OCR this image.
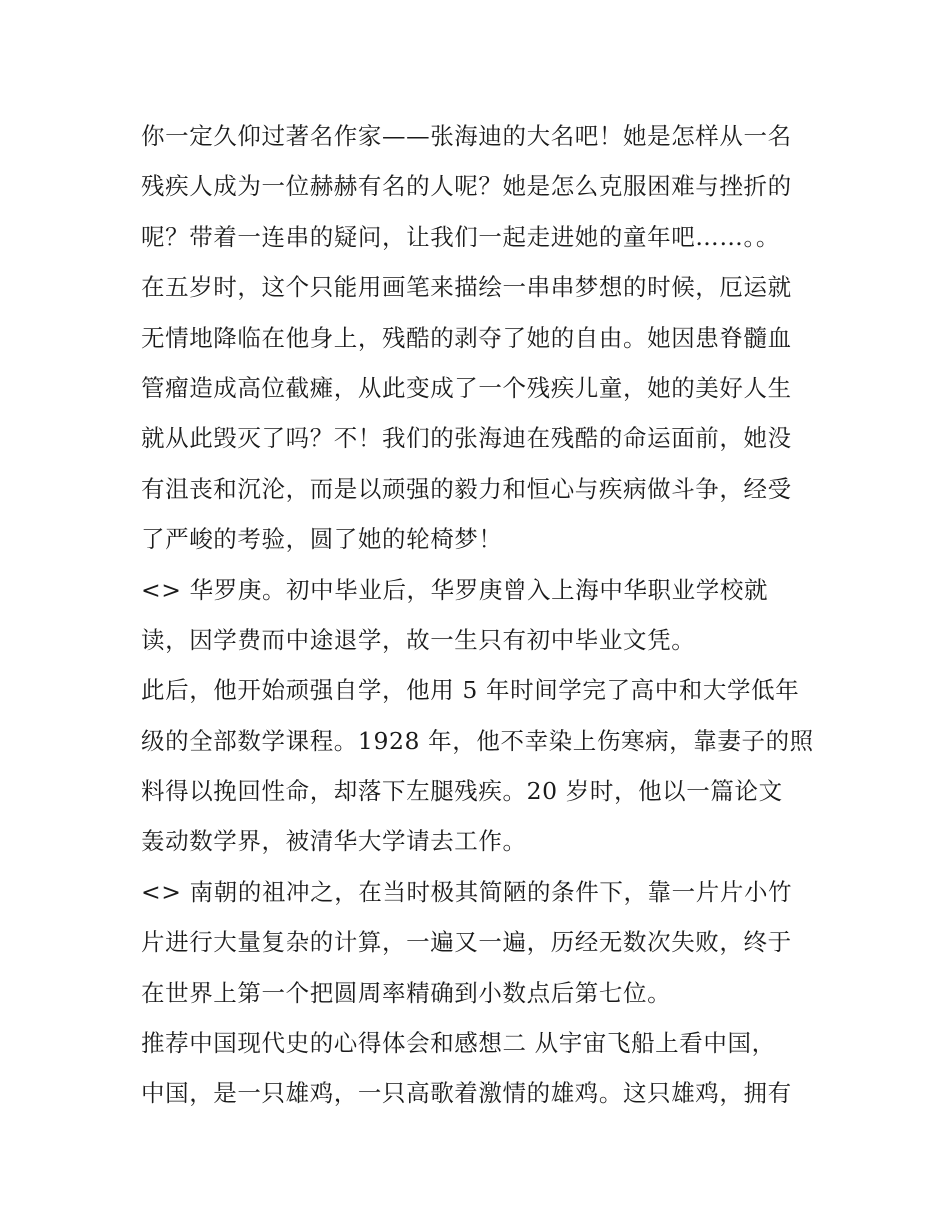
你一定久仰过著名作家——张海迪的大名吧！她是怎样从一名
残疾人成为一位赫赫有名的人呢？她是怎么克服困难与挫折的
呢？带着一连串的疑问，让我们一起走进她的童年吧……。。
在五岁时，这个只能用画笔来描绘一串串梦想的时候，厄运就
无情地降临在他身上，残酷的剥夺了她的自由。她因患脊髓血
管瘤造成高位截瘫，从此变成了一个残疾儿童，她的美好人生
就从此毁灭了吗？不！我们的张海迪在残酷的命运面前，她没
有沮丧和沉沦，而是以顽强的毅力和恒心与疾病做斗争，经受
了严峻的考验，圆了她的轮椅梦！
<> 华罗庚。初中毕业后，华罗庚曾入上海中华职业学校就
读，因学费而中途退学，故一生只有初中毕业文凭。
此后，他开始顽强自学，他用 5 年时间学完了高中和大学低年
级的全部数学课程。1928 年，他不幸染上伤寒病，靠妻子的照
料得以挽回性命，却落下左腿残疾。20 岁时，他以一篇论文
轰动数学界，被清华大学请去工作。
<> 南朝的祖冲之，在当时极其简陋的条件下，靠一片片小竹
片进行大量复杂的计算，一遍又一遍，历经无数次失败，终于
在世界上第一个把圆周率精确到小数点后第七位。
推荐中国现代史的心得体会和感想二 从宇宙飞船上看中国，
中国，是一只雄鸡，一只高歌着激情的雄鸡。这只雄鸡，拥有
